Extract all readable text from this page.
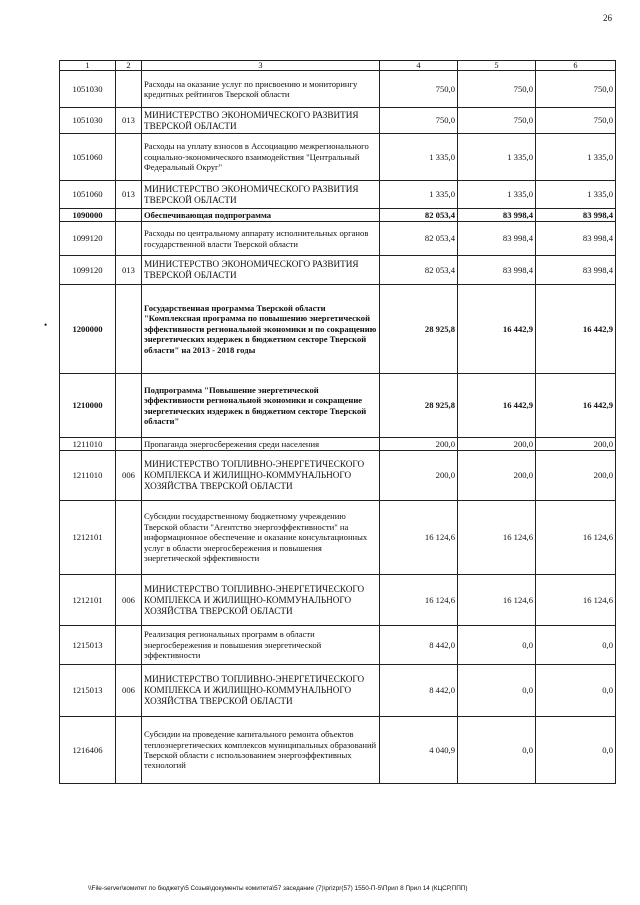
26
•
1	2	3	4	5	6
1051030		Расходы на оказание услуг по присвоению и мониторингу кредитных рейтингов Тверской области	750,0	750,0	750,0
1051030	013	МИНИСТЕРСТВО ЭКОНОМИЧЕСКОГО РАЗВИТИЯ ТВЕРСКОЙ ОБЛАСТИ	750,0	750,0	750,0
1051060		Расходы на уплату взносов в Ассоциацию межрегионального социально-экономического взаимодействия "Центральный Федеральный Округ"	1 335,0	1 335,0	1 335,0
1051060	013	МИНИСТЕРСТВО ЭКОНОМИЧЕСКОГО РАЗВИТИЯ ТВЕРСКОЙ ОБЛАСТИ	1 335,0	1 335,0	1 335,0
1090000		Обеспечивающая подпрограмма	82 053,4	83 998,4	83 998,4
1099120		Расходы по центральному аппарату исполнительных органов государственной власти Тверской области	82 053,4	83 998,4	83 998,4
1099120	013	МИНИСТЕРСТВО ЭКОНОМИЧЕСКОГО РАЗВИТИЯ ТВЕРСКОЙ ОБЛАСТИ	82 053,4	83 998,4	83 998,4
1200000		Государственная программа Тверской области "Комплексная программа по повышению энергетической эффективности региональной экономики и по сокращению энергетических издержек в бюджетном секторе Тверской области" на 2013 - 2018 годы	28 925,8	16 442,9	16 442,9
1210000		Подпрограмма "Повышение энергетической эффективности региональной экономики и сокращение энергетических издержек в бюджетном секторе Тверской области"	28 925,8	16 442,9	16 442,9
1211010		Пропаганда энергосбережения среди населения	200,0	200,0	200,0
1211010	006	МИНИСТЕРСТВО ТОПЛИВНО-ЭНЕРГЕТИЧЕСКОГО КОМПЛЕКСА И ЖИЛИЩНО-КОММУНАЛЬНОГО ХОЗЯЙСТВА ТВЕРСКОЙ ОБЛАСТИ	200,0	200,0	200,0
1212101		Субсидии государственному бюджетному учреждению Тверской области "Агентство энергоэффективности" на информационное обеспечение и оказание консультационных услуг в области энергосбережения и повышения энергетической эффективности	16 124,6	16 124,6	16 124,6
1212101	006	МИНИСТЕРСТВО ТОПЛИВНО-ЭНЕРГЕТИЧЕСКОГО КОМПЛЕКСА И ЖИЛИЩНО-КОММУНАЛЬНОГО ХОЗЯЙСТВА ТВЕРСКОЙ ОБЛАСТИ	16 124,6	16 124,6	16 124,6
1215013		Реализация региональных программ в области энергосбережения и повышения энергетической эффективности	8 442,0	0,0	0,0
1215013	006	МИНИСТЕРСТВО ТОПЛИВНО-ЭНЕРГЕТИЧЕСКОГО КОМПЛЕКСА И ЖИЛИЩНО-КОММУНАЛЬНОГО ХОЗЯЙСТВА ТВЕРСКОЙ ОБЛАСТИ	8 442,0	0,0	0,0
1216406		Субсидии на проведение капитального ремонта объектов теплоэнергетических комплексов муниципальных образований Тверской области с использованием энергоэффективных технологий	4 040,9	0,0	0,0
\\File-server\комитет по бюджету\5 Созыв\документы комитета\57 заседание (7)\prizpr(57) 1550-П-5\Прил 8 Прил 14 (КЦСР,ППП)
